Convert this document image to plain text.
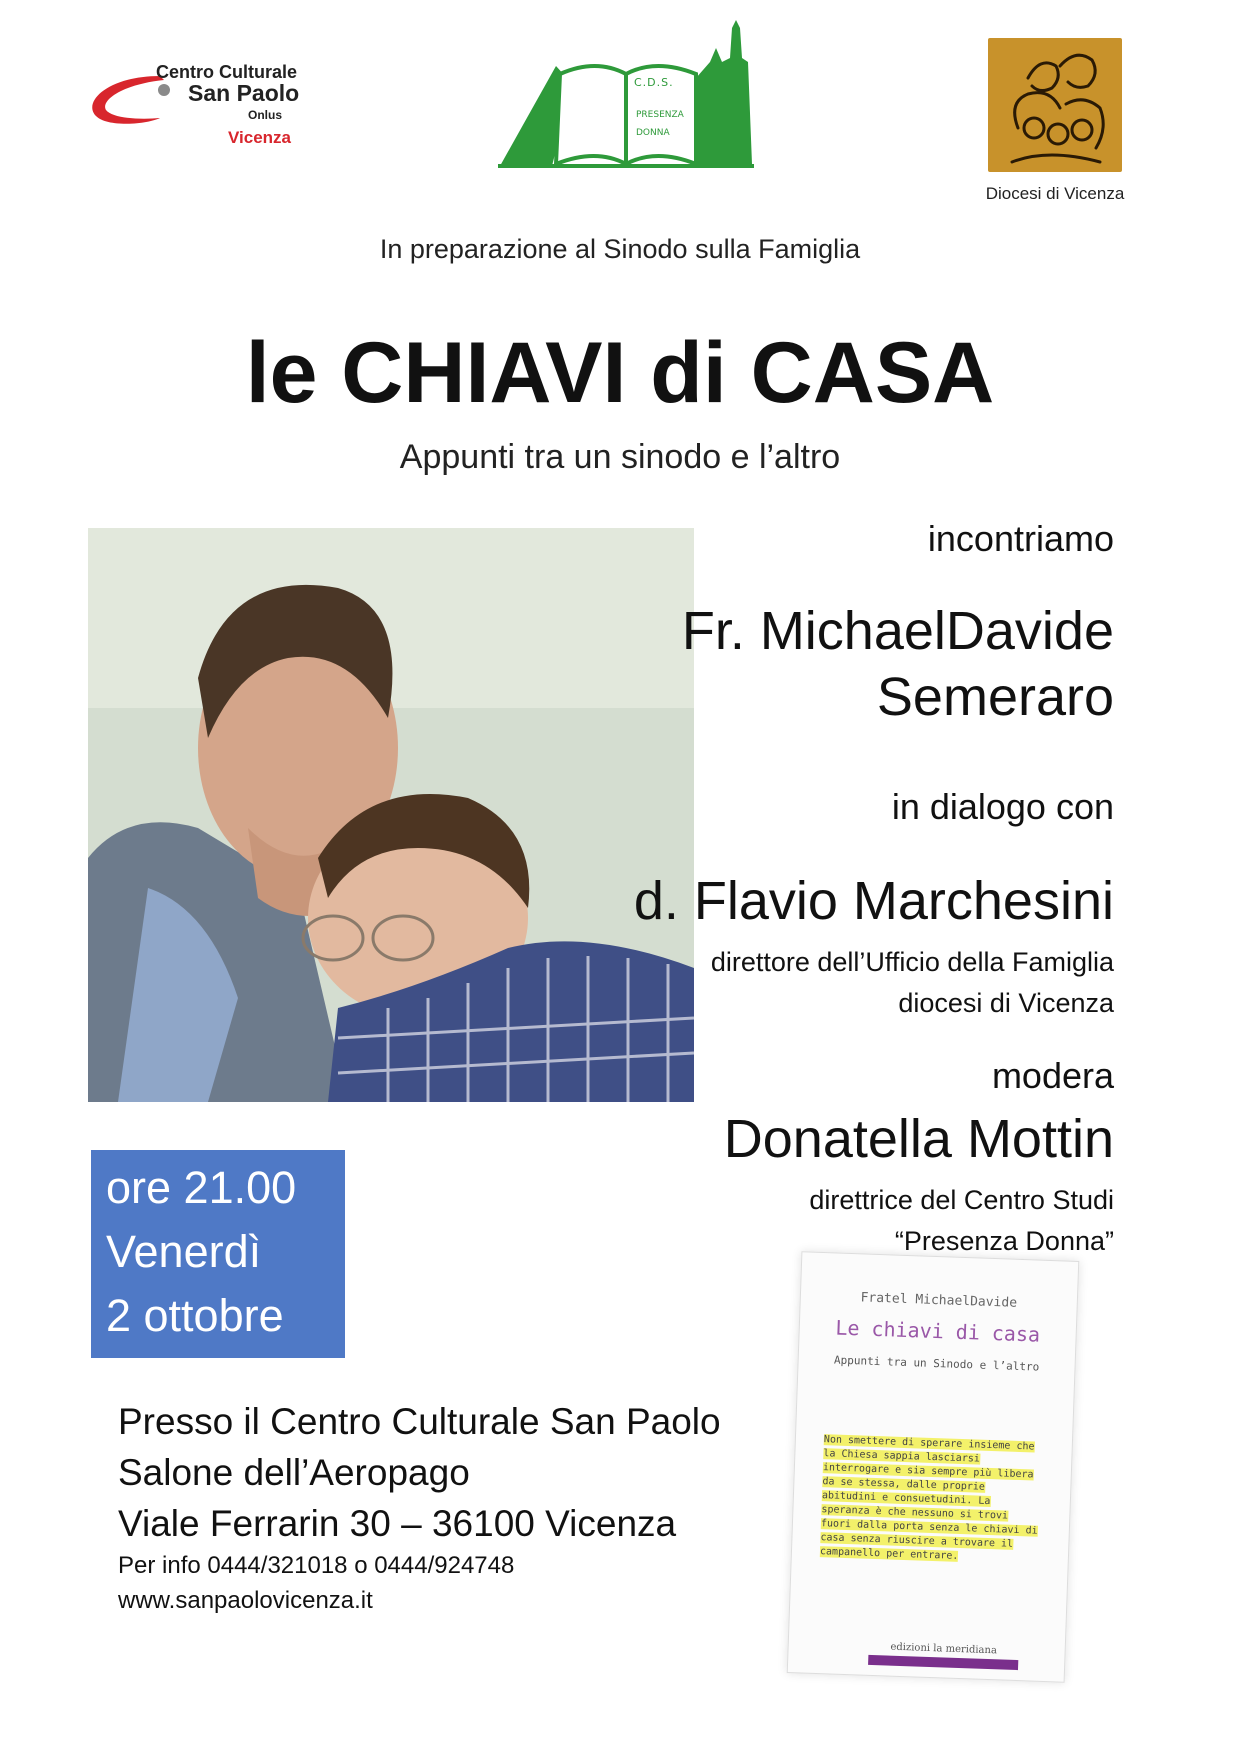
Centro Culturale
San Paolo
Onlus
Vicenza
C.D.S.
PRESENZA
DONNA
Diocesi di Vicenza
In preparazione al Sinodo sulla Famiglia
le CHIAVI di CASA
Appunti tra un sinodo e l’altro
incontriamo
Fr. MichaelDavide
Semeraro
in dialogo con
d. Flavio Marchesini
direttore dell’Ufficio della Famiglia
diocesi di Vicenza
modera
Donatella Mottin
direttrice del Centro Studi
“Presenza Donna”
ore 21.00
Venerdì
2 ottobre
Presso il Centro Culturale San Paolo
Salone dell’Aeropago
Viale Ferrarin 30 – 36100 Vicenza
Per info 0444/321018 o 0444/924748
www.sanpaolovicenza.it
Fratel MichaelDavide
Le chiavi di casa
Appunti tra un Sinodo e l’altro
Non smettere di sperare insieme che la Chiesa sappia lasciarsi interrogare e sia sempre più libera da se stessa, dalle proprie abitudini e consuetudini. La speranza è che nessuno si trovi fuori dalla porta senza le chiavi di casa senza riuscire a trovare il campanello per entrare.
edizioni la meridiana
